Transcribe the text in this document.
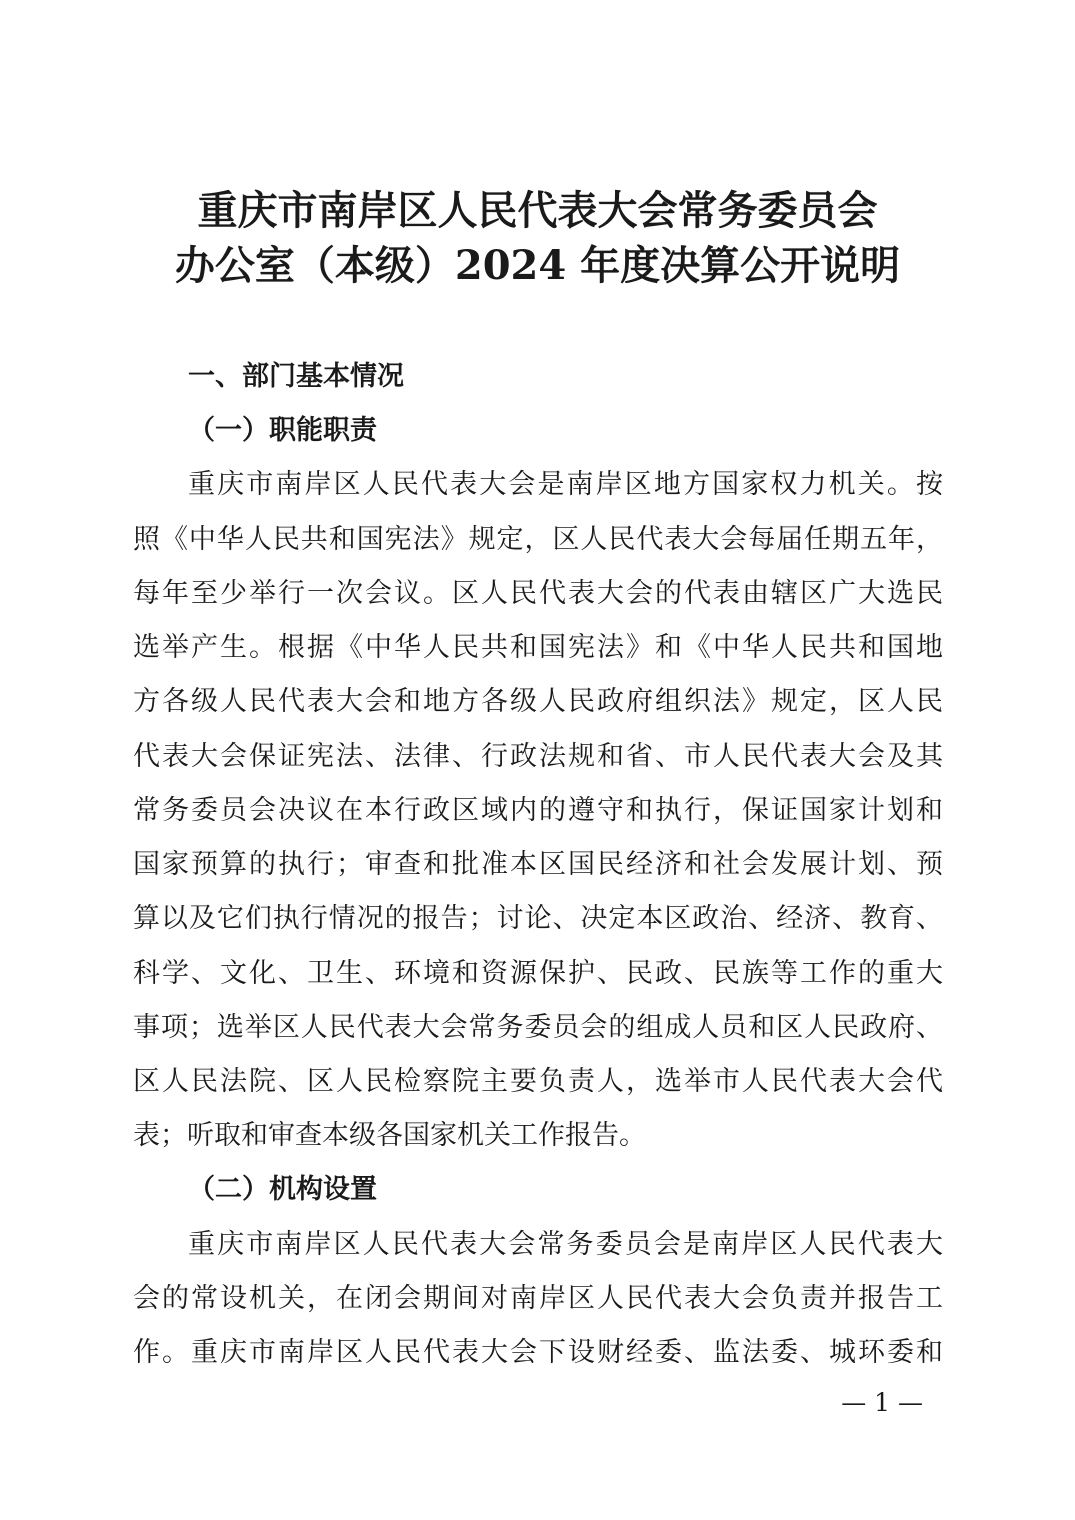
重庆市南岸区人民代表大会常务委员会
办公室（本级）2024 年度决算公开说明
一、部门基本情况
（一）职能职责

重庆市南岸区人民代表大会是南岸区地方国家权力机关。按

照《中华人民共和国宪法》规定，区人民代表大会每届任期五年，

每年至少举行一次会议。区人民代表大会的代表由辖区广大选民

选举产生。根据《中华人民共和国宪法》和《中华人民共和国地

方各级人民代表大会和地方各级人民政府组织法》规定，区人民

代表大会保证宪法、法律、行政法规和省、市人民代表大会及其

常务委员会决议在本行政区域内的遵守和执行，保证国家计划和

国家预算的执行；审查和批准本区国民经济和社会发展计划、预

算以及它们执行情况的报告；讨论、决定本区政治、经济、教育、

科学、文化、卫生、环境和资源保护、民政、民族等工作的重大

事项；选举区人民代表大会常务委员会的组成人员和区人民政府、

区人民法院、区人民检察院主要负责人，选举市人民代表大会代

表；听取和审查本级各国家机关工作报告。

（二）机构设置

重庆市南岸区人民代表大会常务委员会是南岸区人民代表大

会的常设机关，在闭会期间对南岸区人民代表大会负责并报告工

作。重庆市南岸区人民代表大会下设财经委、监法委、城环委和

— 1 —
